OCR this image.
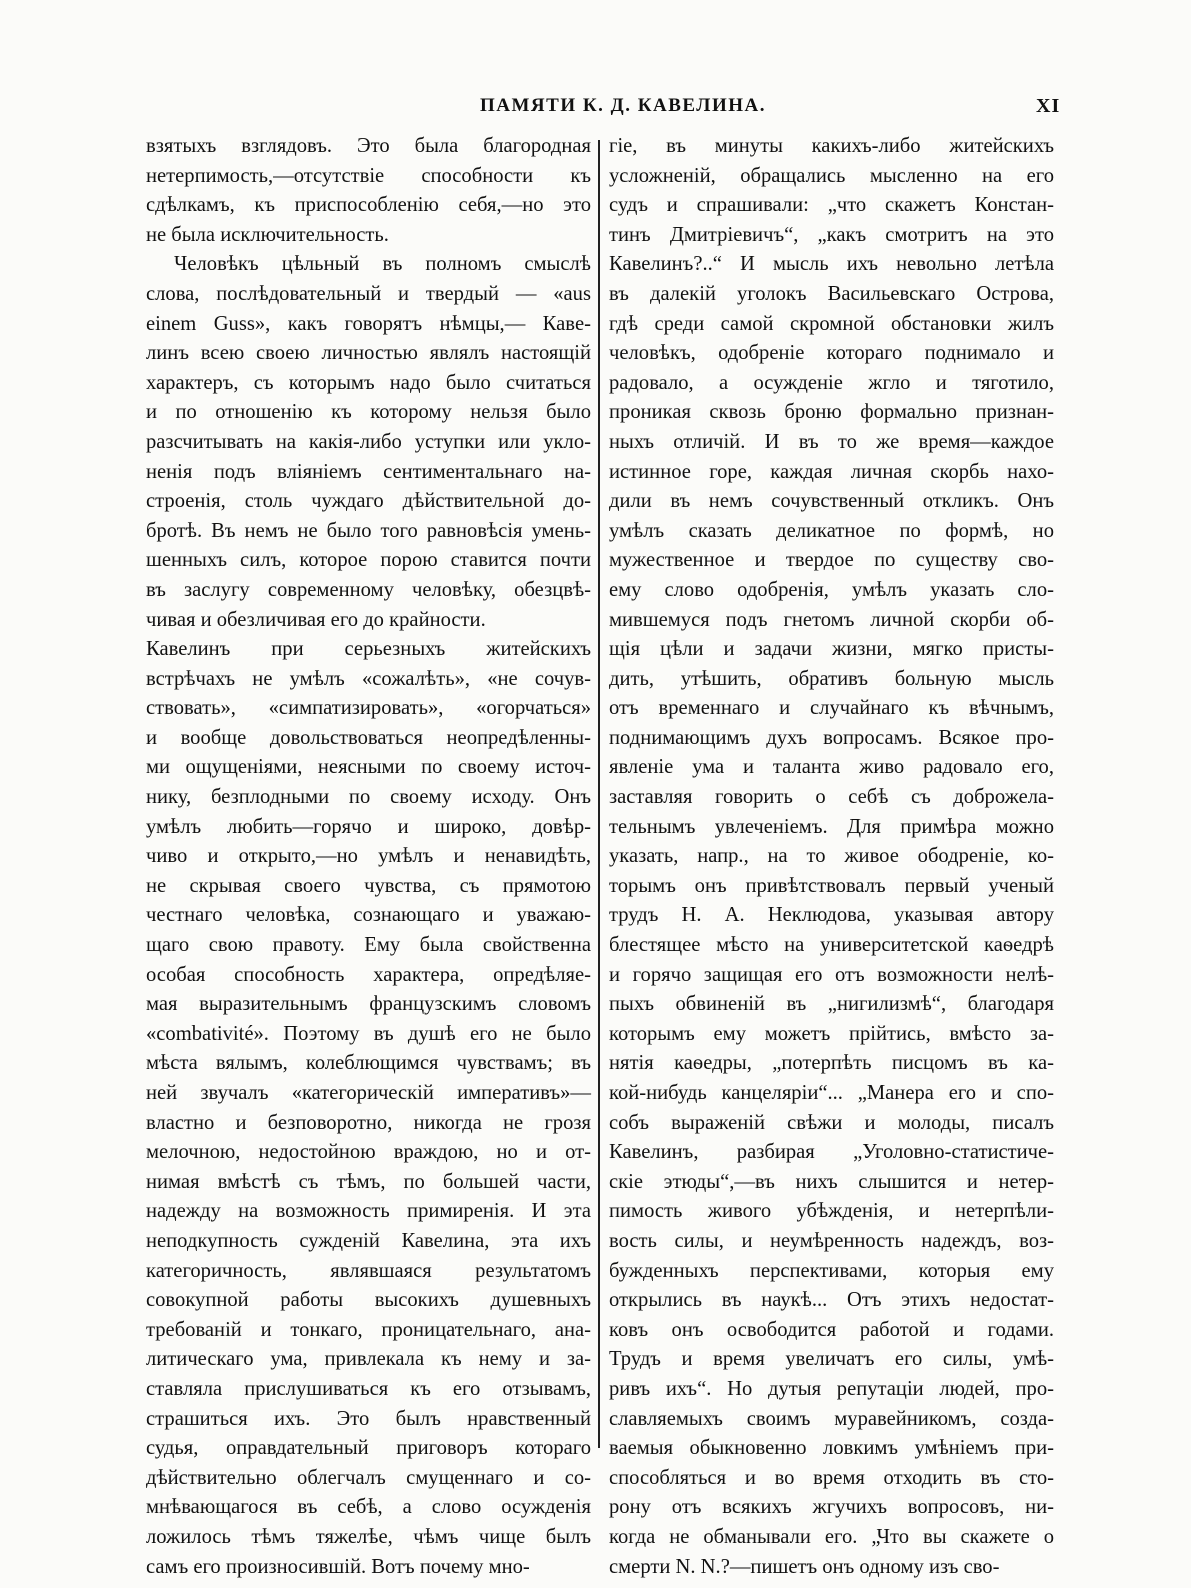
ПАМЯТИ К. Д. КАВЕЛИНА.	XI
взятыхъ взглядовъ. Это была благородная
нетерпимость,—отсутствіе способности къ
сдѣлкамъ, къ приспособленію себя,—но это
не была исключительность.
Человѣкъ цѣльный въ полномъ смыслѣ
слова, послѣдовательный и твердый — «aus
einem Guss», какъ говорятъ нѣмцы,— Кавe-
линъ всею своею личностью являлъ настоящій
характеръ, съ которымъ надо было считаться
и по отношенію къ которому нельзя было
разсчитывать на какія-либо уступки или укло-
ненія подъ вліяніемъ сентиментальнаго на-
строенія, столь чуждаго дѣйствительной до-
бротѣ. Въ немъ не было того равновѣсія умень-
шенныхъ силъ, которое порою ставится почти
въ заслугу современному человѣку, обезцвѣ-
чивая и обезличивая его до крайности.
Кавелинъ при серьезныхъ житейскихъ
встрѣчахъ не умѣлъ «сожалѣть», «не сочув-
ствовать», «симпатизировать», «огорчаться»
и вообще довольствоваться неопредѣленны-
ми ощущеніями, неясными по своему источ-
нику, безплодными по своему исходу. Онъ
умѣлъ любить—горячо и широко, довѣр-
чиво и открыто,—но умѣлъ и ненавидѣть,
не скрывая своего чувства, съ прямотою
честнаго человѣка, сознающаго и уважаю-
щаго свою правоту. Ему была свойственна
особая способность характера, опредѣляе-
мая выразительнымъ французскимъ словомъ
«combativité». Поэтому въ душѣ его не было
мѣста вялымъ, колеблющимся чувствамъ; въ
ней звучалъ «категорическій императивъ»—
властно и безповоротно, никогда не грозя
мелочною, недостойною враждою, но и от-
нимая вмѣстѣ съ тѣмъ, по большей части,
надежду на возможность примиренія. И эта
неподкупность сужденій Кавелина, эта ихъ
категоричность, являвшаяся результатомъ
совокупной работы высокихъ душевныхъ
требованій и тонкаго, проницательнаго, ана-
литическаго ума, привлекала къ нему и за-
ставляла прислушиваться къ его отзывамъ,
страшиться ихъ. Это былъ нравственный
судья, оправдательный приговоръ котораго
дѣйствительно облегчалъ смущеннаго и со-
мнѣвающагося въ себѣ, а слово осужденія
ложилось тѣмъ тяжелѣе, чѣмъ чище былъ
самъ его произносившій. Вотъ почему мно-
гіе, въ минуты какихъ-либо житейскихъ
усложненій, обращались мысленно на его
судъ и спрашивали: „что скажетъ Констан-
тинъ Дмитріевичъ“, „какъ смотритъ на это
Кавелинъ?..“ И мысль ихъ невольно летѣла
въ далекій уголокъ Васильевскаго Острова,
гдѣ среди самой скромной обстановки жилъ
человѣкъ, одобреніе котораго поднимало и
радовало, а осужденіе жгло и тяготило,
проникая сквозь броню формально признан-
ныхъ отличій. И въ то же время—каждое
истинное горе, каждая личная скорбь нахо-
дили въ немъ сочувственный откликъ. Онъ
умѣлъ сказать деликатное по формѣ, но
мужественное и твердое по существу сво-
ему слово одобренія, умѣлъ указать сло-
мившемуся подъ гнетомъ личной скорби об-
щія цѣли и задачи жизни, мягко присты-
дить, утѣшить, обративъ больную мысль
отъ временнаго и случайнаго къ вѣчнымъ,
поднимающимъ духъ вопросамъ. Всякое про-
явленіе ума и таланта живо радовало его,
заставляя говорить о себѣ съ доброжела-
тельнымъ увлеченіемъ. Для примѣра можно
указать, напр., на то живое ободреніе, ко-
торымъ онъ привѣтствовалъ первый ученый
трудъ Н. А. Неклюдова, указывая автору
блестящее мѣсто на университетской каѳедрѣ
и горячо защищая его отъ возможности нелѣ-
пыхъ обвиненій въ „нигилизмѣ“, благодаря
которымъ ему можетъ прійтись, вмѣсто за-
нятія каѳедры, „потерпѣть писцомъ въ ка-
кой-нибудь канцеляріи“... „Манера его и спо-
собъ выраженій свѣжи и молоды, писалъ
Кавелинъ, разбирая „Уголовно-статистиче-
скіе этюды“,—въ нихъ слышится и нетер-
пимость живого убѣжденія, и нетерпѣли-
вость силы, и неумѣренность надеждъ, воз-
бужденныхъ перспективами, которыя ему
открылись въ наукѣ... Отъ этихъ недостат-
ковъ онъ освободится работой и годами.
Трудъ и время увеличатъ его силы, умѣ-
ривъ ихъ“. Но дутыя репутаціи людей, про-
славляемыхъ своимъ муравейникомъ, созда-
ваемыя обыкновенно ловкимъ умѣніемъ при-
способляться и во время отходить въ сто-
рону отъ всякихъ жгучихъ вопросовъ, ни-
когда не обманывали его. „Что вы скажете о
смерти N. N.?—пишетъ онъ одному изъ сво-
